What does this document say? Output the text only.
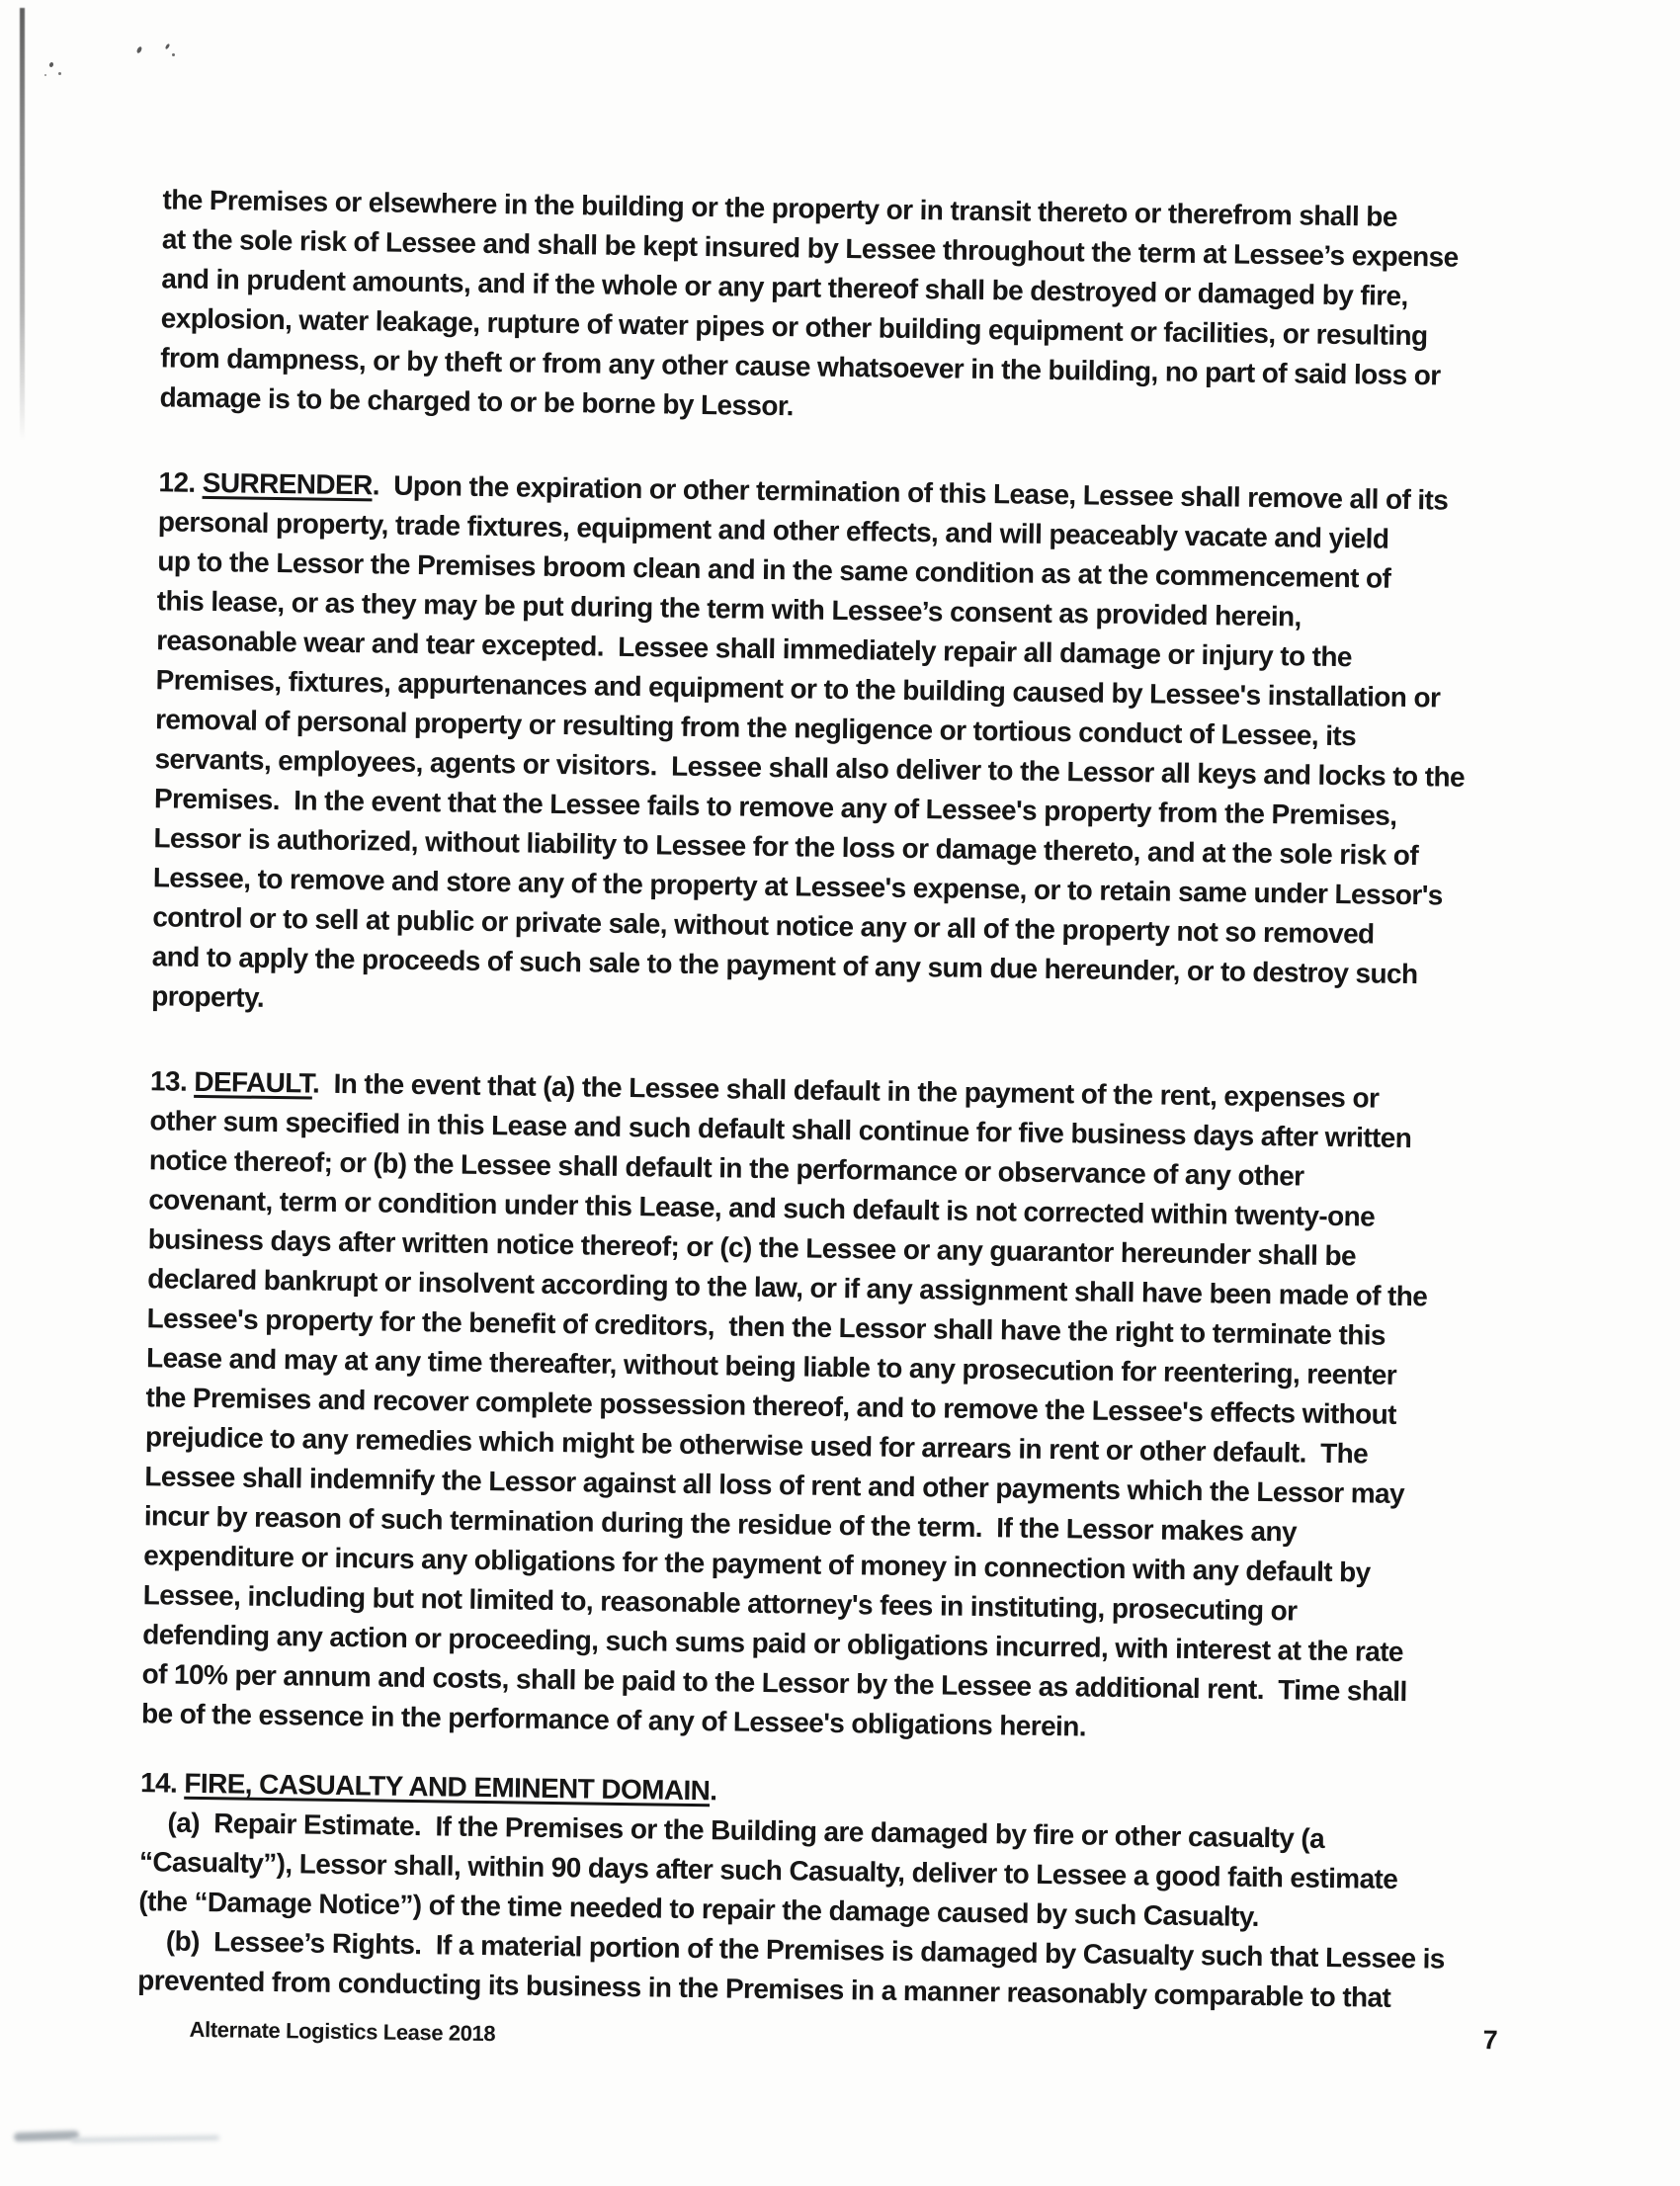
the Premises or elsewhere in the building or the property or in transit thereto or therefrom shall be
at the sole risk of Lessee and shall be kept insured by Lessee throughout the term at Lessee’s expense
and in prudent amounts, and if the whole or any part thereof shall be destroyed or damaged by fire,
explosion, water leakage, rupture of water pipes or other building equipment or facilities, or resulting
from dampness, or by theft or from any other cause whatsoever in the building, no part of said loss or
damage is to be charged to or be borne by Lessor.
12. SURRENDER.  Upon the expiration or other termination of this Lease, Lessee shall remove all of its
personal property, trade fixtures, equipment and other effects, and will peaceably vacate and yield
up to the Lessor the Premises broom clean and in the same condition as at the commencement of
this lease, or as they may be put during the term with Lessee’s consent as provided herein,
reasonable wear and tear excepted.  Lessee shall immediately repair all damage or injury to the
Premises, fixtures, appurtenances and equipment or to the building caused by Lessee's installation or
removal of personal property or resulting from the negligence or tortious conduct of Lessee, its
servants, employees, agents or visitors.  Lessee shall also deliver to the Lessor all keys and locks to the
Premises.  In the event that the Lessee fails to remove any of Lessee's property from the Premises,
Lessor is authorized, without liability to Lessee for the loss or damage thereto, and at the sole risk of
Lessee, to remove and store any of the property at Lessee's expense, or to retain same under Lessor's
control or to sell at public or private sale, without notice any or all of the property not so removed
and to apply the proceeds of such sale to the payment of any sum due hereunder, or to destroy such
property.
13. DEFAULT.  In the event that (a) the Lessee shall default in the payment of the rent, expenses or
other sum specified in this Lease and such default shall continue for five business days after written
notice thereof; or (b) the Lessee shall default in the performance or observance of any other
covenant, term or condition under this Lease, and such default is not corrected within twenty-one
business days after written notice thereof; or (c) the Lessee or any guarantor hereunder shall be
declared bankrupt or insolvent according to the law, or if any assignment shall have been made of the
Lessee's property for the benefit of creditors,  then the Lessor shall have the right to terminate this
Lease and may at any time thereafter, without being liable to any prosecution for reentering, reenter
the Premises and recover complete possession thereof, and to remove the Lessee's effects without
prejudice to any remedies which might be otherwise used for arrears in rent or other default.  The
Lessee shall indemnify the Lessor against all loss of rent and other payments which the Lessor may
incur by reason of such termination during the residue of the term.  If the Lessor makes any
expenditure or incurs any obligations for the payment of money in connection with any default by
Lessee, including but not limited to, reasonable attorney's fees in instituting, prosecuting or
defending any action or proceeding, such sums paid or obligations incurred, with interest at the rate
of 10% per annum and costs, shall be paid to the Lessor by the Lessee as additional rent.  Time shall
be of the essence in the performance of any of Lessee's obligations herein.
14. FIRE, CASUALTY AND EMINENT DOMAIN.
(a)  Repair Estimate.  If the Premises or the Building are damaged by fire or other casualty (a
“Casualty”), Lessor shall, within 90 days after such Casualty, deliver to Lessee a good faith estimate
(the “Damage Notice”) of the time needed to repair the damage caused by such Casualty.
(b)  Lessee’s Rights.  If a material portion of the Premises is damaged by Casualty such that Lessee is
prevented from conducting its business in the Premises in a manner reasonably comparable to that
Alternate Logistics Lease 2018	7
